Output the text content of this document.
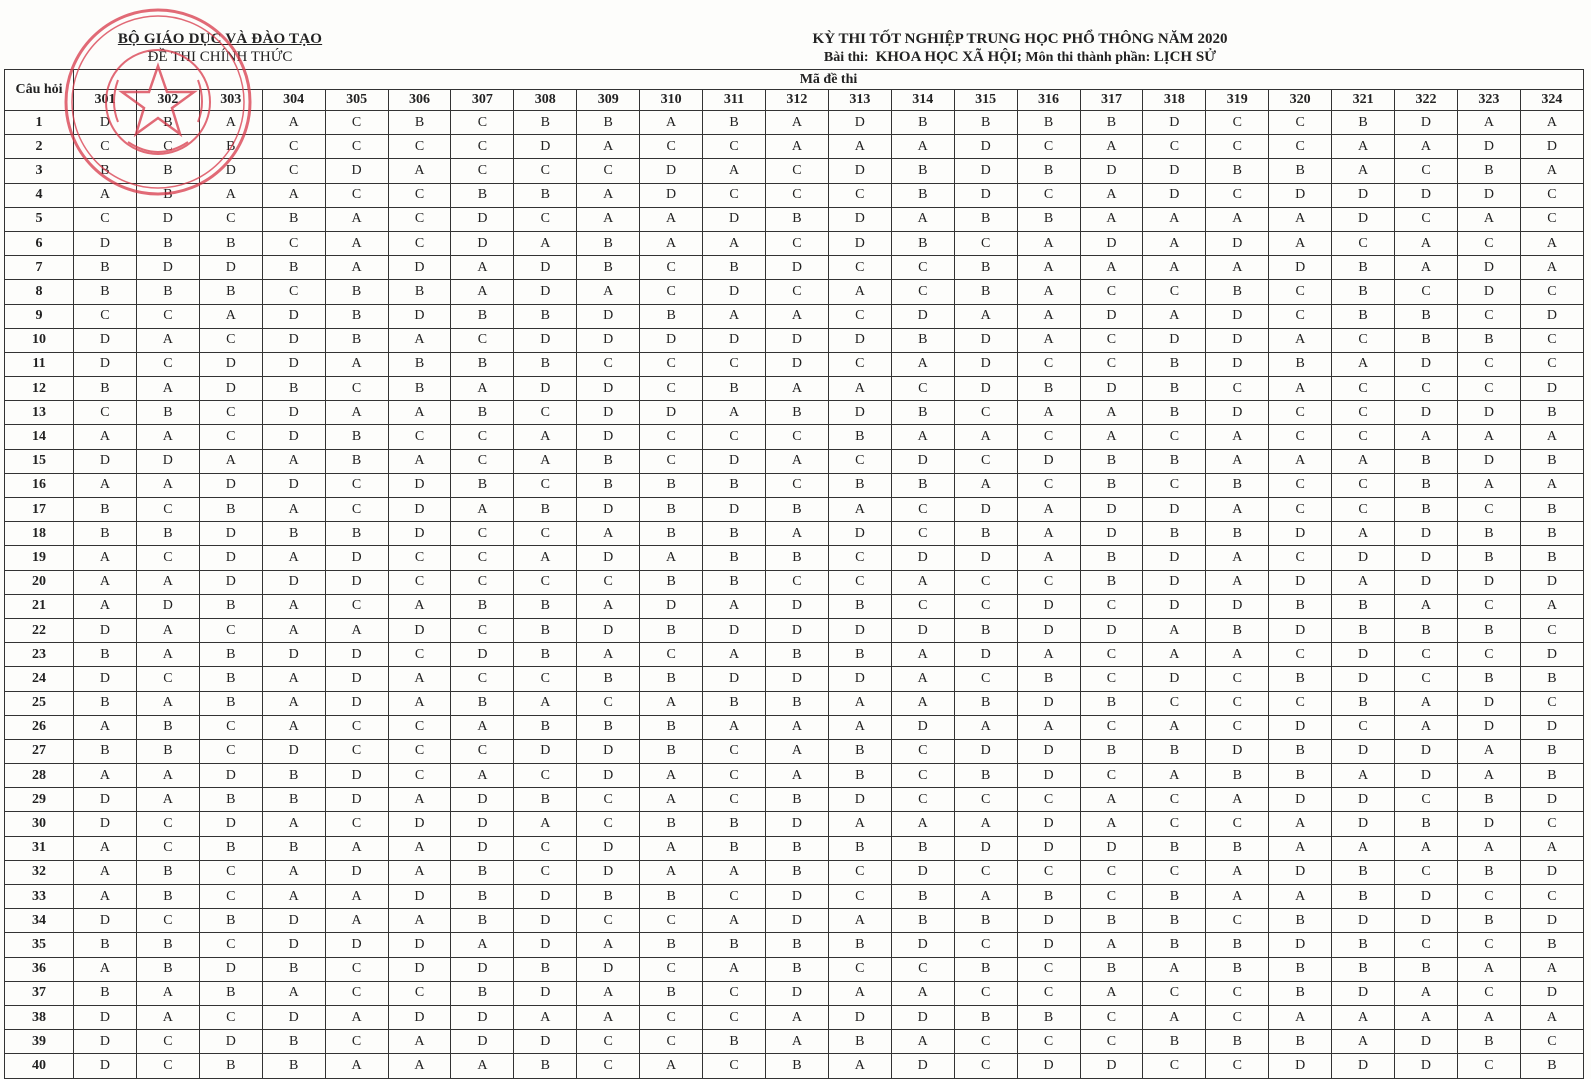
BỘ GIÁO DỤC VÀ ĐÀO TẠO
ĐỀ THI CHÍNH THỨC
KỲ THI TỐT NGHIỆP TRUNG HỌC PHỔ THÔNG NĂM 2020
Bài thi: KHOA HỌC XÃ HỘI; Môn thi thành phần: LỊCH SỬ
Câu hỏi	Mã đề thi																							
	301	302	303	304	305	306	307	308	309	310	311	312	313	314	315	316	317	318	319	320	321	322	323	324
1	D	B	A	A	C	B	C	B	B	A	B	A	D	B	B	B	B	D	C	C	B	D	A	A
2	C	C	B	C	C	C	C	D	A	C	C	A	A	A	D	C	A	C	C	C	A	A	D	D
3	B	B	D	C	D	A	C	C	C	D	A	C	D	B	D	B	D	D	B	B	A	C	B	A
4	A	B	A	A	C	C	B	B	A	D	C	C	C	B	D	C	A	D	C	D	D	D	D	C
5	C	D	C	B	A	C	D	C	A	A	D	B	D	A	B	B	A	A	A	A	D	C	A	C
6	D	B	B	C	A	C	D	A	B	A	A	C	D	B	C	A	D	A	D	A	C	A	C	A
7	B	D	D	B	A	D	A	D	B	C	B	D	C	C	B	A	A	A	A	D	B	A	D	A
8	B	B	B	C	B	B	A	D	A	C	D	C	A	C	B	A	C	C	B	C	B	C	D	C
9	C	C	A	D	B	D	B	B	D	B	A	A	C	D	A	A	D	A	D	C	B	B	C	D
10	D	A	C	D	B	A	C	D	D	D	D	D	D	B	D	A	C	D	D	A	C	B	B	C
11	D	C	D	D	A	B	B	B	C	C	C	D	C	A	D	C	C	B	D	B	A	D	C	C
12	B	A	D	B	C	B	A	D	D	C	B	A	A	C	D	B	D	B	C	A	C	C	C	D
13	C	B	C	D	A	A	B	C	D	D	A	B	D	B	C	A	A	B	D	C	C	D	D	B
14	A	A	C	D	B	C	C	A	D	C	C	C	B	A	A	C	A	C	A	C	C	A	A	A
15	D	D	A	A	B	A	C	A	B	C	D	A	C	D	C	D	B	B	A	A	A	B	D	B
16	A	A	D	D	C	D	B	C	B	B	B	C	B	B	A	C	B	C	B	C	C	B	A	A
17	B	C	B	A	C	D	A	B	D	B	D	B	A	C	D	A	D	D	A	C	C	B	C	B
18	B	B	D	B	B	D	C	C	A	B	B	A	D	C	B	A	D	B	B	D	A	D	B	B
19	A	C	D	A	D	C	C	A	D	A	B	B	C	D	D	A	B	D	A	C	D	D	B	B
20	A	A	D	D	D	C	C	C	C	B	B	C	C	A	C	C	B	D	A	D	A	D	D	D
21	A	D	B	A	C	A	B	B	A	D	A	D	B	C	C	D	C	D	D	B	B	A	C	A
22	D	A	C	A	A	D	C	B	D	B	D	D	D	D	B	D	D	A	B	D	B	B	B	C
23	B	A	B	D	D	C	D	B	A	C	A	B	B	A	D	A	C	A	A	C	D	C	C	D
24	D	C	B	A	D	A	C	C	B	B	D	D	D	A	C	B	C	D	C	B	D	C	B	B
25	B	A	B	A	D	A	B	A	C	A	B	B	A	A	B	D	B	C	C	C	B	A	D	C
26	A	B	C	A	C	C	A	B	B	B	A	A	A	D	A	A	C	A	C	D	C	A	D	D
27	B	B	C	D	C	C	C	D	D	B	C	A	B	C	D	D	B	B	D	B	D	D	A	B
28	A	A	D	B	D	C	A	C	D	A	C	A	B	C	B	D	C	A	B	B	A	D	A	B
29	D	A	B	B	D	A	D	B	C	A	C	B	D	C	C	C	A	C	A	D	D	C	B	D
30	D	C	D	A	C	D	D	A	C	B	B	D	A	A	A	D	A	C	C	A	D	B	D	C
31	A	C	B	B	A	A	D	C	D	A	B	B	B	B	D	D	D	B	B	A	A	A	A	A
32	A	B	C	A	D	A	B	C	D	A	A	B	C	D	C	C	C	C	A	D	B	C	B	D
33	A	B	C	A	A	D	B	D	B	B	C	D	C	B	A	B	C	B	A	A	B	D	C	C
34	D	C	B	D	A	A	B	D	C	C	A	D	A	B	B	D	B	B	C	B	D	D	B	D
35	B	B	C	D	D	D	A	D	A	B	B	B	B	D	C	D	A	B	B	D	B	C	C	B
36	A	B	D	B	C	D	D	B	D	C	A	B	C	C	B	C	B	A	B	B	B	B	A	A
37	B	A	B	A	C	C	B	D	A	B	C	D	A	A	C	C	A	C	C	B	D	A	C	D
38	D	A	C	D	A	D	D	A	A	C	C	A	D	D	B	B	C	A	C	A	A	A	A	A
39	D	C	D	B	C	A	D	D	C	C	B	A	B	A	C	C	C	B	B	B	A	D	B	C
40	D	C	B	B	A	A	A	B	C	A	C	B	A	D	C	D	D	C	C	D	D	D	C	B
